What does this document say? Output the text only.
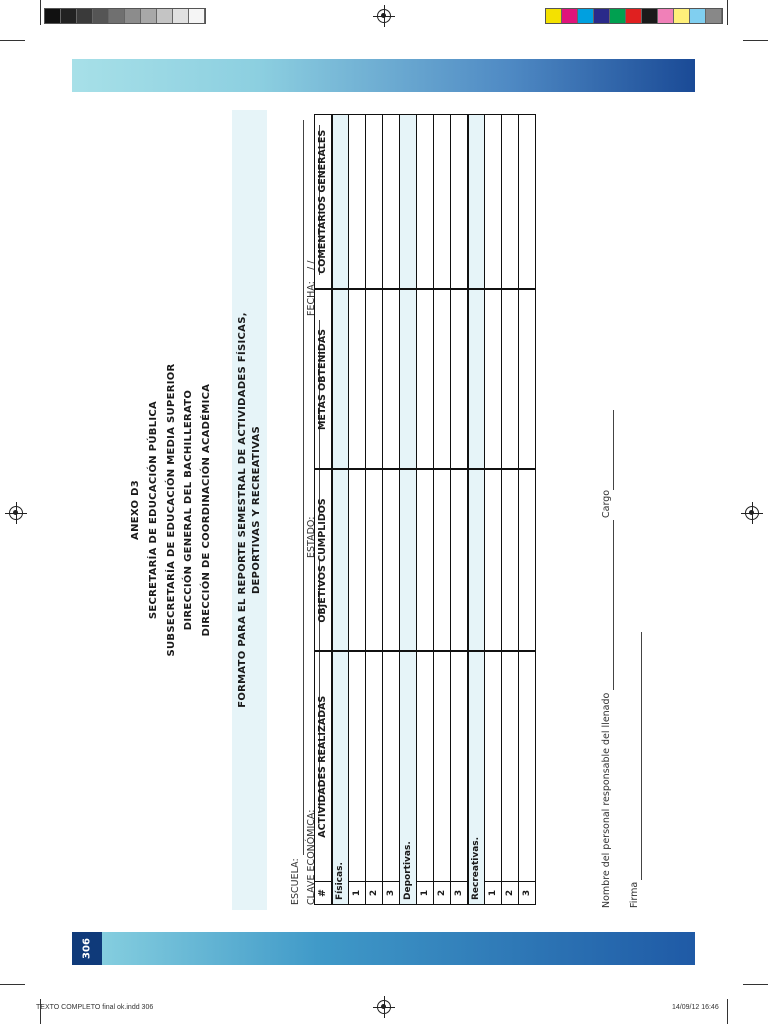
306
FORMATO PARA EL REPORTE SEMESTRAL DE ACTIVIDADES FÍSICAS, DEPORTIVAS Y RECREATIVAS
DIRECCIÓN DE COORDINACIÓN ACADÉMICA
DIRECCIÓN GENERAL DEL BACHILLERATO
SUBSECRETARÍA DE EDUCACIÓN MEDIA SUPERIOR
SECRETARÍA DE EDUCACIÓN PÚBLICA
ANEXO D3
ESCUELA: CLAVE ECONÓMICA:
ESTADO:
FECHA:
/ /
#	ACTIVIDADES REALIZADAS	OBJETIVOS CUMPLIDOS	METAS OBTENIDAS	COMENTARIOS GENERALES
Físicas.				
1				
2				
3				
Deportivas.				
1				
2				
3				
Recreativas.				
1				
2				
3					Nombre del personal responsable del llenado
Cargo
Firma
TEXTO COMPLETO final ok.indd 306	14/09/12 16:46
